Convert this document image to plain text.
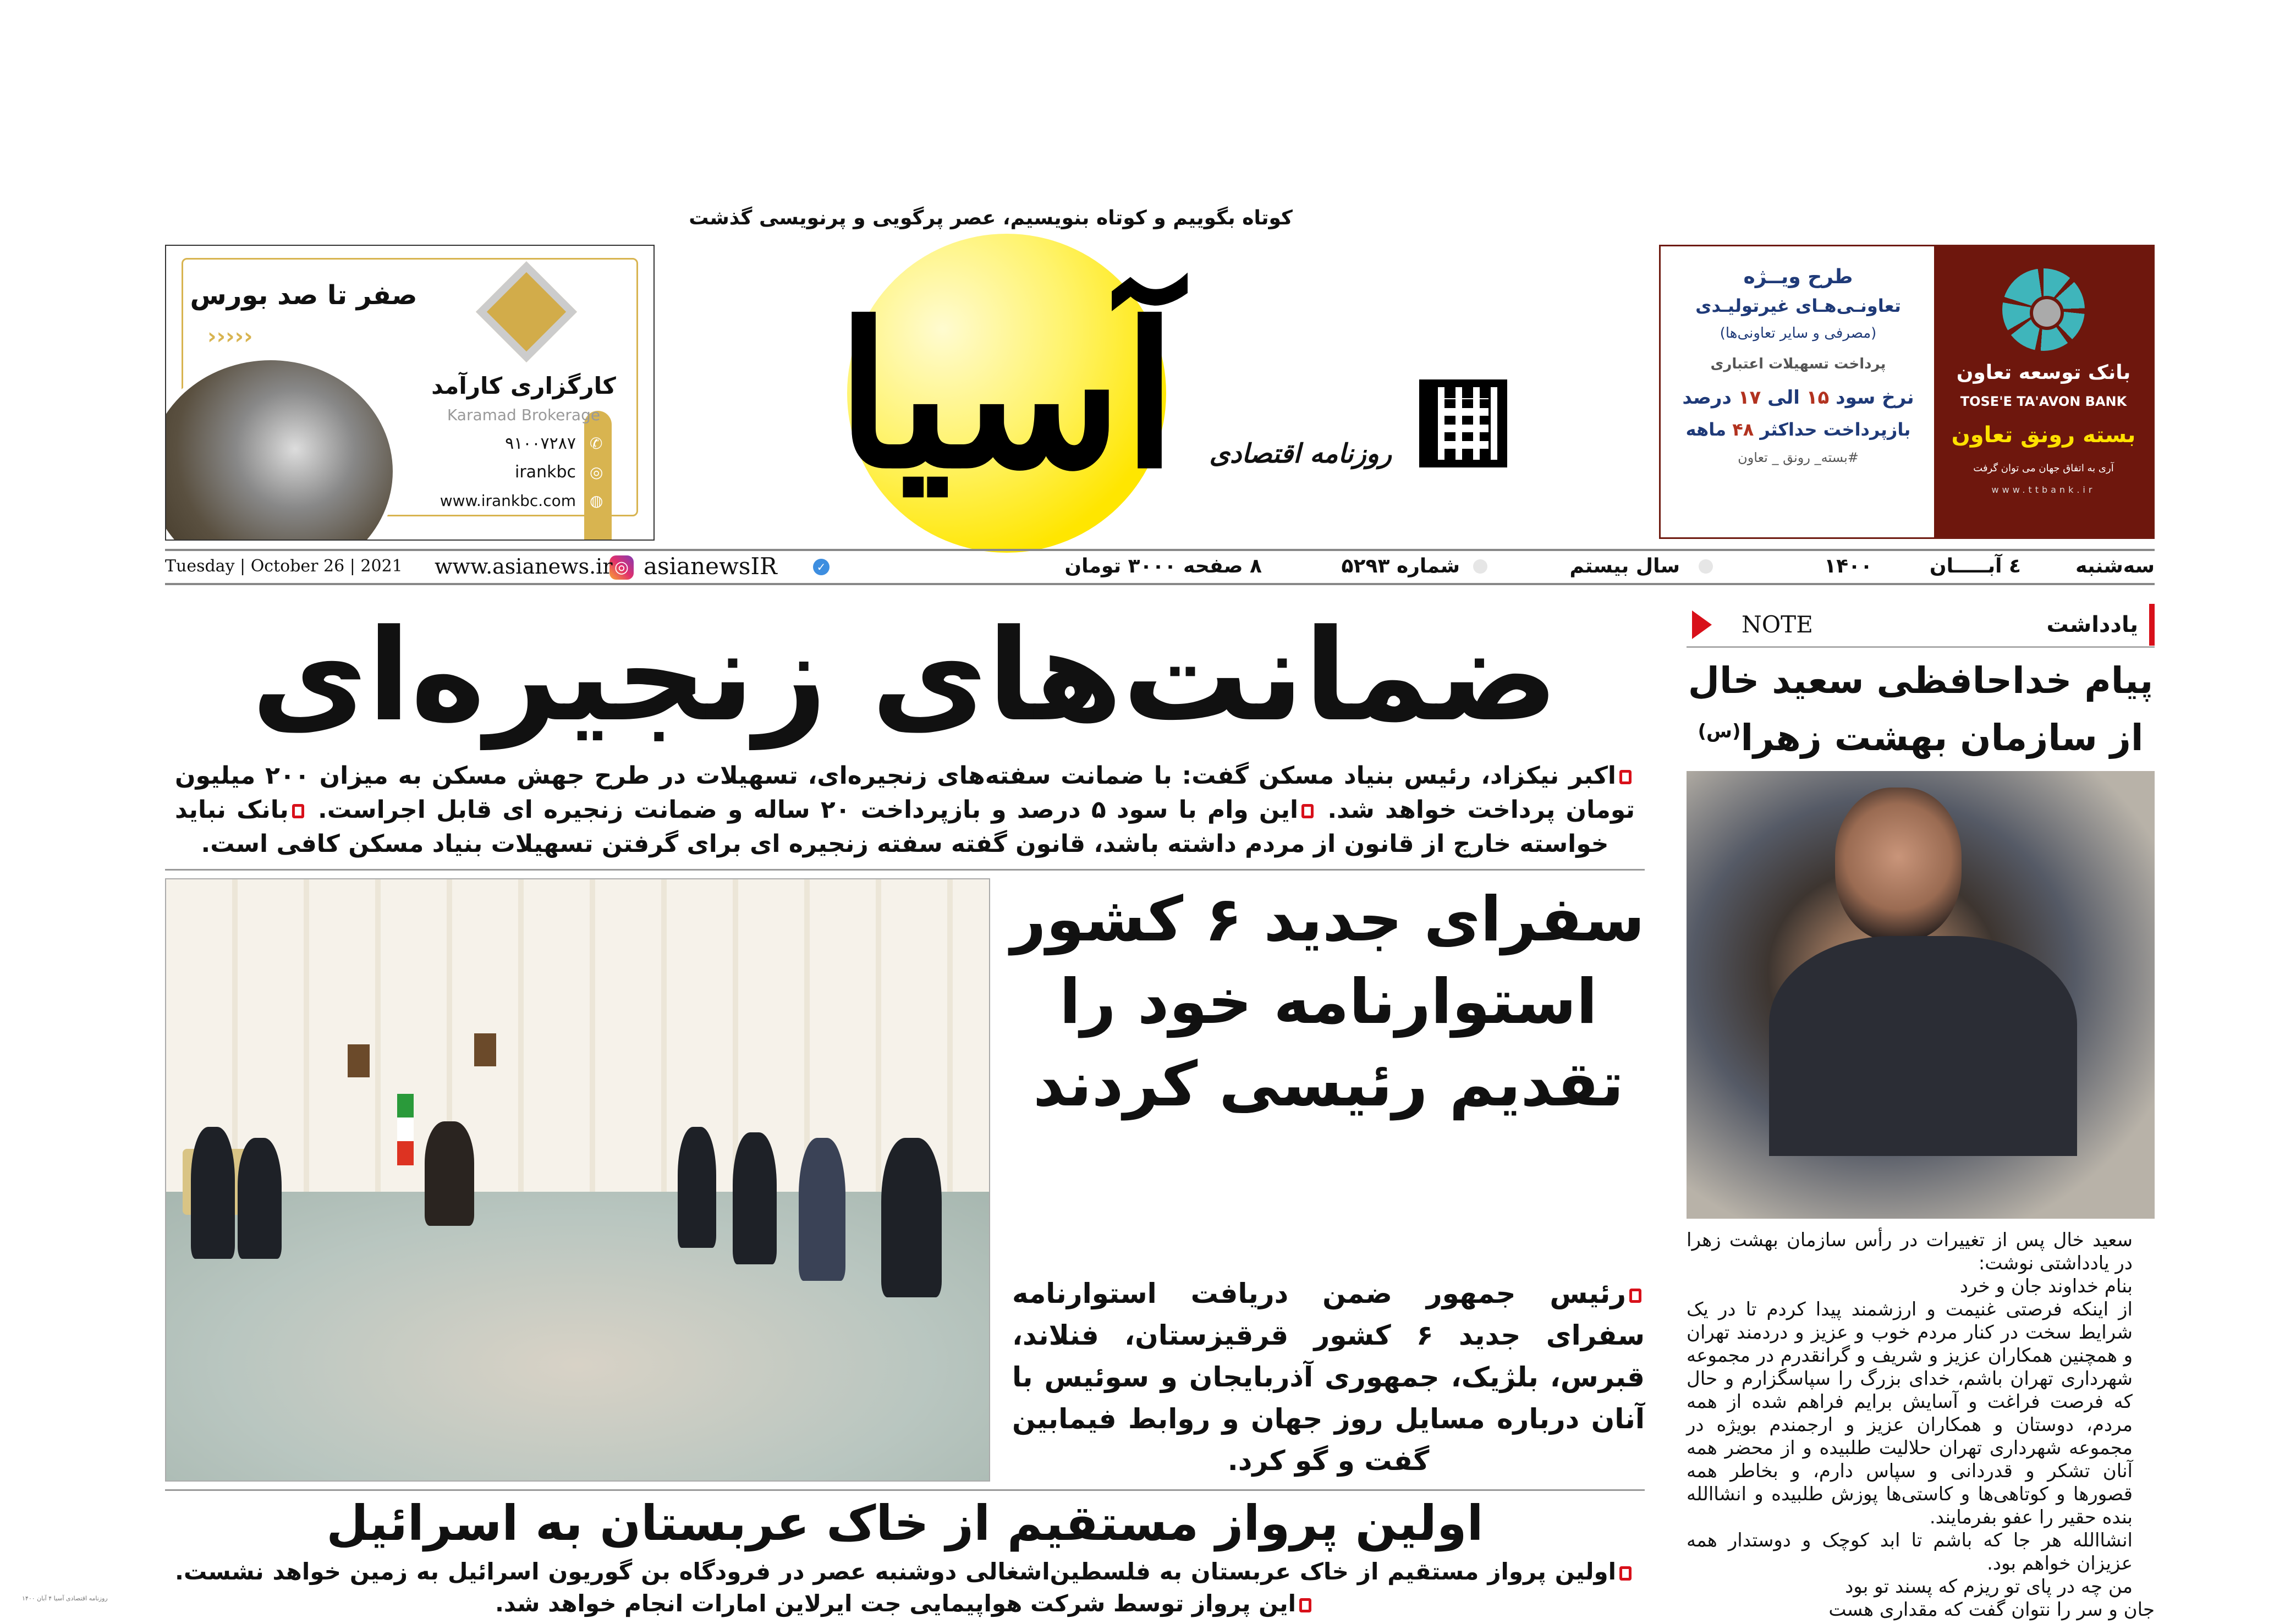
صفر تا صد بورس
›››››
کارگزاری کارآمد
Karamad Brokerage
۹۱۰۰۷۲۸۷
irankbc
www.irankbc.com
✆
◎
◍ آسیا
کوتاه بگوییم و کوتاه بنویسیم، عصر پرگویی و پرنویسی گذشت
روزنامه اقتصادی
بانک توسعه تعاون
TOSE'E TA'AVON BANK
بسته رونق تعاون
آری به اتفاق جهان می توان گرفت
www.ttbank.ir
طرح ویــژه
تعاونـی‌هـای غیرتولیـدی
(مصرفی و سایر تعاونی‌ها)
پرداخت تسهیلات اعتباری
نرخ سود ۱۵ الی ۱۷ درصد
بازپرداخت حداکثر ۴۸ ماهه
#بسته_ رونق _ تعاون
سه‌شنبه
٤ آبـــــان
۱۴۰۰
سال بیستم
شماره ۵۲۹۳
۸ صفحه ۳۰۰۰ تومان
✓
asianewsIR
◎
www.asianews.ir
Tuesday | October 26 | 2021
ضمانت‌های زنجیره‌ای
اکبر نیکزاد، رئیس بنیاد مسکن گفت: با ضمانت سفته‌های زنجیره‌ای، تسهیلات در طرح جهش مسکن به میزان ۲۰۰ میلیون تومان پرداخت خواهد شد. این وام با سود ۵ درصد و بازپرداخت ۲۰ ساله و ضمانت زنجیره ای قابل اجراست. بانک نباید خواسته خارج از قانون از مردم داشته باشد، قانون گفته سفته زنجیره ای برای گرفتن تسهیلات بنیاد مسکن کافی است.
سفرای جدید ۶ کشور
استوارنامه خود را
تقدیم رئیسی کردند
رئیس جمهور ضمن دریافت استوارنامه سفرای جدید ۶ کشور قرقیزستان، فنلاند، قبرس، بلژیک، جمهوری آذربایجان و سوئیس با آنان درباره مسایل روز جهان و روابط فیمابین گفت و گو کرد.
اولین پرواز مستقیم از خاک عربستان به اسرائیل
اولین پرواز مستقیم از خاک عربستان به فلسطین‌اشغالی دوشنبه عصر در فرودگاه بن گوریون اسرائیل به زمین خواهد نشست. این پرواز توسط شرکت هواپیمایی جت ایرلاین امارات انجام خواهد شد.
روزنامه اقتصادی آسیا ۴ آبان ۱۴۰۰
یادداشت
NOTE
پیام خداحافظی سعید خال
از سازمان بهشت زهرا$^{(س)}$

سعید خال پس از تغییرات در رأس سازمان بهشت زهرا در یادداشتی نوشت:

بنام خداوند جان و خرد

از اینکه فرصتی غنیمت و ارزشمند پیدا کردم تا در یک شرایط سخت در کنار مردم خوب و عزیز و دردمند تهران و همچنین همکاران عزیز و شریف و گرانقدرم در مجموعه شهرداری تهران باشم، خدای بزرگ را سپاسگزارم و حال که فرصت فراغت و آسایش برایم فراهم شده از همه مردم، دوستان و همکاران عزیز و ارجمندم بویژه در مجموعه شهرداری تهران حلالیت طلبیده و از محضر همه آنان تشکر و قدردانی و سپاس دارم، و بخاطر همه قصورها و کوتاهی‌ها و کاستی‌ها پوزش طلبیده و انشاالله بنده حقیر را عفو بفرمایند.

انشاالله هر جا که باشم تا ابد کوچک و دوستدار همه عزیزان خواهم بود.

من چه در پای تو ریزم که پسند تو بود

جان و سر را نتوان گفت که مقداری هست
